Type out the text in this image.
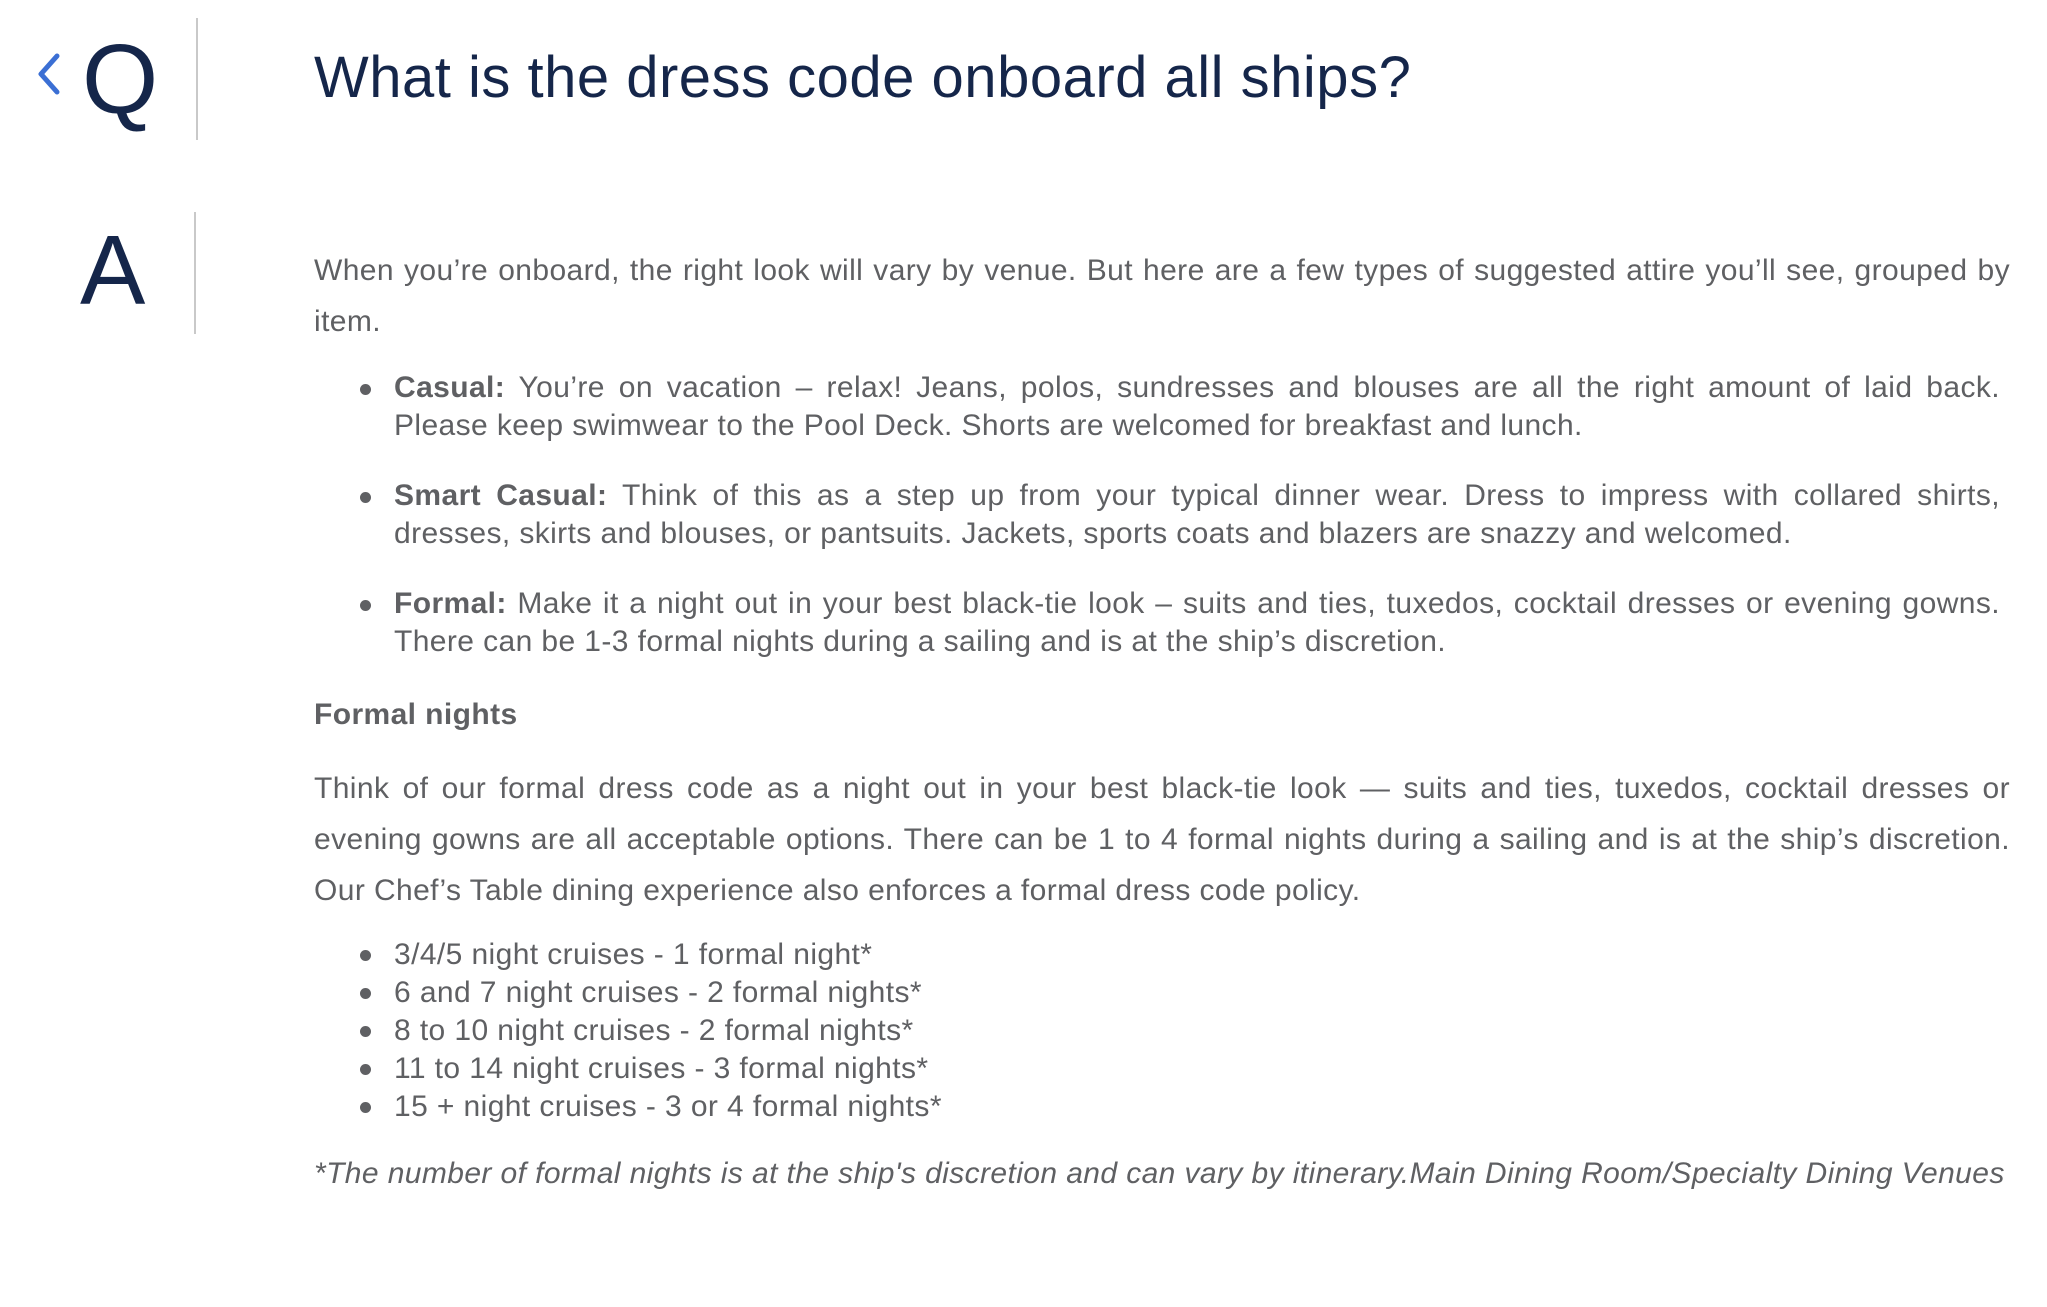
Q	What is the dress code onboard all ships?
A	When you’re onboard, the right look will vary by venue. But here are a few types of suggested attire you’ll see, grouped by item.

Casual: You’re on vacation – relax! Jeans, polos, sundresses and blouses are all the right amount of laid back. Please keep swimwear to the Pool Deck. Shorts are welcomed for breakfast and lunch.
Smart Casual: Think of this as a step up from your typical dinner wear. Dress to impress with collared shirts, dresses, skirts and blouses, or pantsuits. Jackets, sports coats and blazers are snazzy and welcomed.
Formal: Make it a night out in your best black-tie look – suits and ties, tuxedos, cocktail dresses or evening gowns. There can be 1-3 formal nights during a sailing and is at the ship’s discretion.
Formal nights

Think of our formal dress code as a night out in your best black-tie look — suits and ties, tuxedos, cocktail dresses or evening gowns are all acceptable options. There can be 1 to 4 formal nights during a sailing and is at the ship’s discretion. Our Chef’s Table dining experience also enforces a formal dress code policy.

3/4/5 night cruises - 1 formal night*
6 and 7 night cruises - 2 formal nights*
8 to 10 night cruises - 2 formal nights*
11 to 14 night cruises - 3 formal nights*
15 + night cruises - 3 or 4 formal nights*

*The number of formal nights is at the ship's discretion and can vary by itinerary.Main Dining Room/Specialty Dining Venues
